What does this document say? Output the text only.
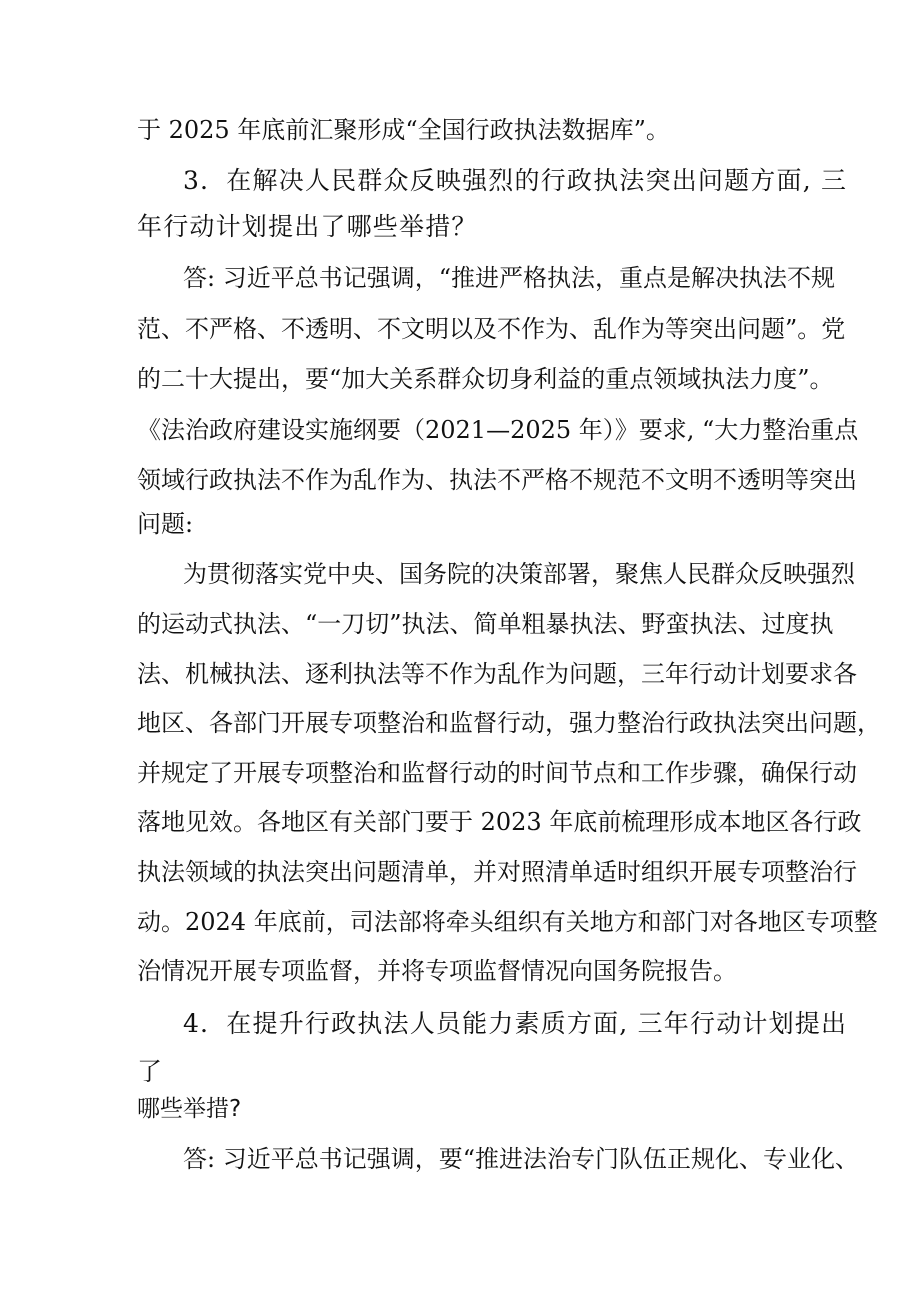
于 2025 年底前汇聚形成“全国行政执法数据库”。
3．在解决人民群众反映强烈的行政执法突出问题方面, 三
年行动计划提出了哪些举措？
答: 习近平总书记强调，“推进严格执法，重点是解决执法不规
范、不严格、不透明、不文明以及不作为、乱作为等突出问题”。党
的二十大提出，要“加大关系群众切身利益的重点领域执法力度”。
《法治政府建设实施纲要（2021—2025 年）》要求, “大力整治重点
领域行政执法不作为乱作为、执法不严格不规范不文明不透明等突出
问题:
为贯彻落实党中央、国务院的决策部署，聚焦人民群众反映强烈
的运动式执法、“一刀切”执法、简单粗暴执法、野蛮执法、过度执
法、机械执法、逐利执法等不作为乱作为问题，三年行动计划要求各
地区、各部门开展专项整治和监督行动，强力整治行政执法突出问题，
并规定了开展专项整治和监督行动的时间节点和工作步骤，确保行动
落地见效。各地区有关部门要于 2023 年底前梳理形成本地区各行政
执法领域的执法突出问题清单，并对照清单适时组织开展专项整治行
动。2024 年底前，司法部将牵头组织有关地方和部门对各地区专项整
治情况开展专项监督，并将专项监督情况向国务院报告。
4．在提升行政执法人员能力素质方面, 三年行动计划提出
了
哪些举措?
答: 习近平总书记强调，要“推进法治专门队伍正规化、专业化、
